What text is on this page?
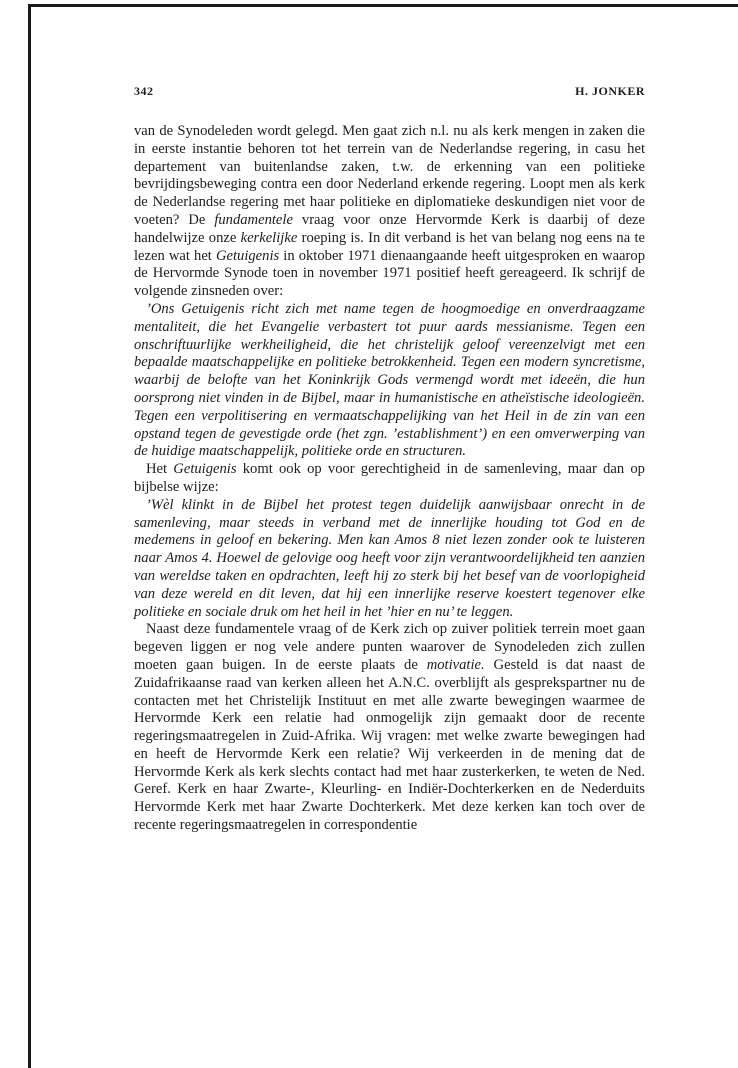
342	H. JONKER

van de Synodeleden wordt gelegd. Men gaat zich n.l. nu als kerk mengen in zaken die in eerste instantie behoren tot het terrein van de Nederlandse regering, in casu het departement van buitenlandse zaken, t.w. de erkenning van een politieke bevrijdingsbeweging contra een door Nederland erkende regering. Loopt men als kerk de Nederlandse regering met haar politieke en diplomatieke deskundigen niet voor de voeten? De fundamentele vraag voor onze Hervormde Kerk is daarbij of deze handelwijze onze kerkelijke roeping is. In dit verband is het van belang nog eens na te lezen wat het Getuigenis in oktober 1971 dienaangaande heeft uitgesproken en waarop de Hervormde Synode toen in november 1971 positief heeft gereageerd. Ik schrijf de volgende zinsneden over:

’Ons Getuigenis richt zich met name tegen de hoogmoedige en onverdraagzame mentaliteit, die het Evangelie verbastert tot puur aards messianisme. Tegen een onschriftuurlijke werkheiligheid, die het christelijk geloof vereenzelvigt met een bepaalde maatschappelijke en politieke betrokkenheid. Tegen een modern syncretisme, waarbij de belofte van het Koninkrijk Gods vermengd wordt met ideeën, die hun oorsprong niet vinden in de Bijbel, maar in humanistische en atheïstische ideologieën. Tegen een verpolitisering en vermaatschappelijking van het Heil in de zin van een opstand tegen de gevestigde orde (het zgn. ’establishment’) en een omverwerping van de huidige maatschappelijk, politieke orde en structuren.

Het Getuigenis komt ook op voor gerechtigheid in de samenleving, maar dan op bijbelse wijze:

’Wèl klinkt in de Bijbel het protest tegen duidelijk aanwijsbaar onrecht in de samenleving, maar steeds in verband met de innerlijke houding tot God en de medemens in geloof en bekering. Men kan Amos 8 niet lezen zonder ook te luisteren naar Amos 4. Hoewel de gelovige oog heeft voor zijn verantwoordelijkheid ten aanzien van wereldse taken en opdrachten, leeft hij zo sterk bij het besef van de voorlopigheid van deze wereld en dit leven, dat hij een innerlijke reserve koestert tegenover elke politieke en sociale druk om het heil in het ’hier en nu’ te leggen.

Naast deze fundamentele vraag of de Kerk zich op zuiver politiek terrein moet gaan begeven liggen er nog vele andere punten waarover de Synodeleden zich zullen moeten gaan buigen. In de eerste plaats de motivatie. Gesteld is dat naast de Zuidafrikaanse raad van kerken alleen het A.N.C. overblijft als gesprekspartner nu de contacten met het Christelijk Instituut en met alle zwarte bewegingen waarmee de Hervormde Kerk een relatie had onmogelijk zijn gemaakt door de recente regeringsmaatregelen in Zuid-Afrika. Wij vragen: met welke zwarte bewegingen had en heeft de Hervormde Kerk een relatie? Wij verkeerden in de mening dat de Hervormde Kerk als kerk slechts contact had met haar zusterkerken, te weten de Ned. Geref. Kerk en haar Zwarte-, Kleurling- en Indiër-Dochterkerken en de Nederduits Hervormde Kerk met haar Zwarte Dochterkerk. Met deze kerken kan toch over de recente regeringsmaatregelen in correspondentie
